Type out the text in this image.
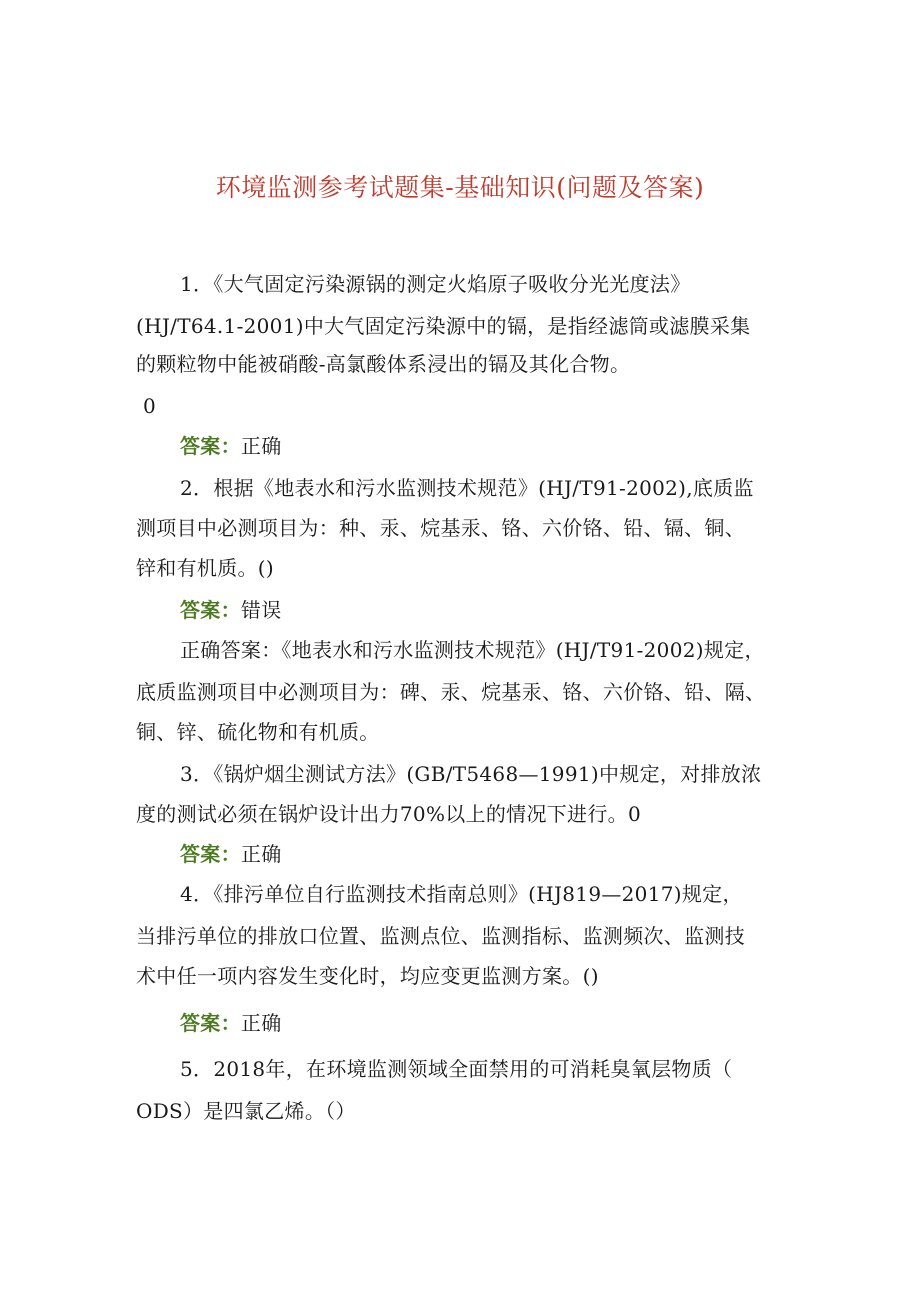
环境监测参考试题集-基础知识(问题及答案)
1．《大气固定污染源锅的测定火焰原子吸收分光光度法》
(HJ/T64.1-2001)中大气固定污染源中的镉，是指经滤筒或滤膜采集
的颗粒物中能被硝酸-高氯酸体系浸出的镉及其化合物。
0
答案：正确
2．根据《地表水和污水监测技术规范》(HJ/T91-2002),底质监
测项目中必测项目为：种、汞、烷基汞、铬、六价铬、铅、镉、铜、
锌和有机质。()
答案：错误
正确答案：《地表水和污水监测技术规范》(HJ/T91-2002)规定，
底质监测项目中必测项目为：碑、汞、烷基汞、铬、六价铬、铅、隔、
铜、锌、硫化物和有机质。
3．《锅炉烟尘测试方法》(GB/T5468—1991)中规定，对排放浓
度的测试必须在锅炉设计出力70%以上的情况下进行。0
答案：正确
4．《排污单位自行监测技术指南总则》(HJ819—2017)规定，
当排污单位的排放口位置、监测点位、监测指标、监测频次、监测技
术中任一项内容发生变化时，均应变更监测方案。()
答案：正确
5．2018年，在环境监测领域全面禁用的可消耗臭氧层物质（
ODS）是四氯乙烯。（）
